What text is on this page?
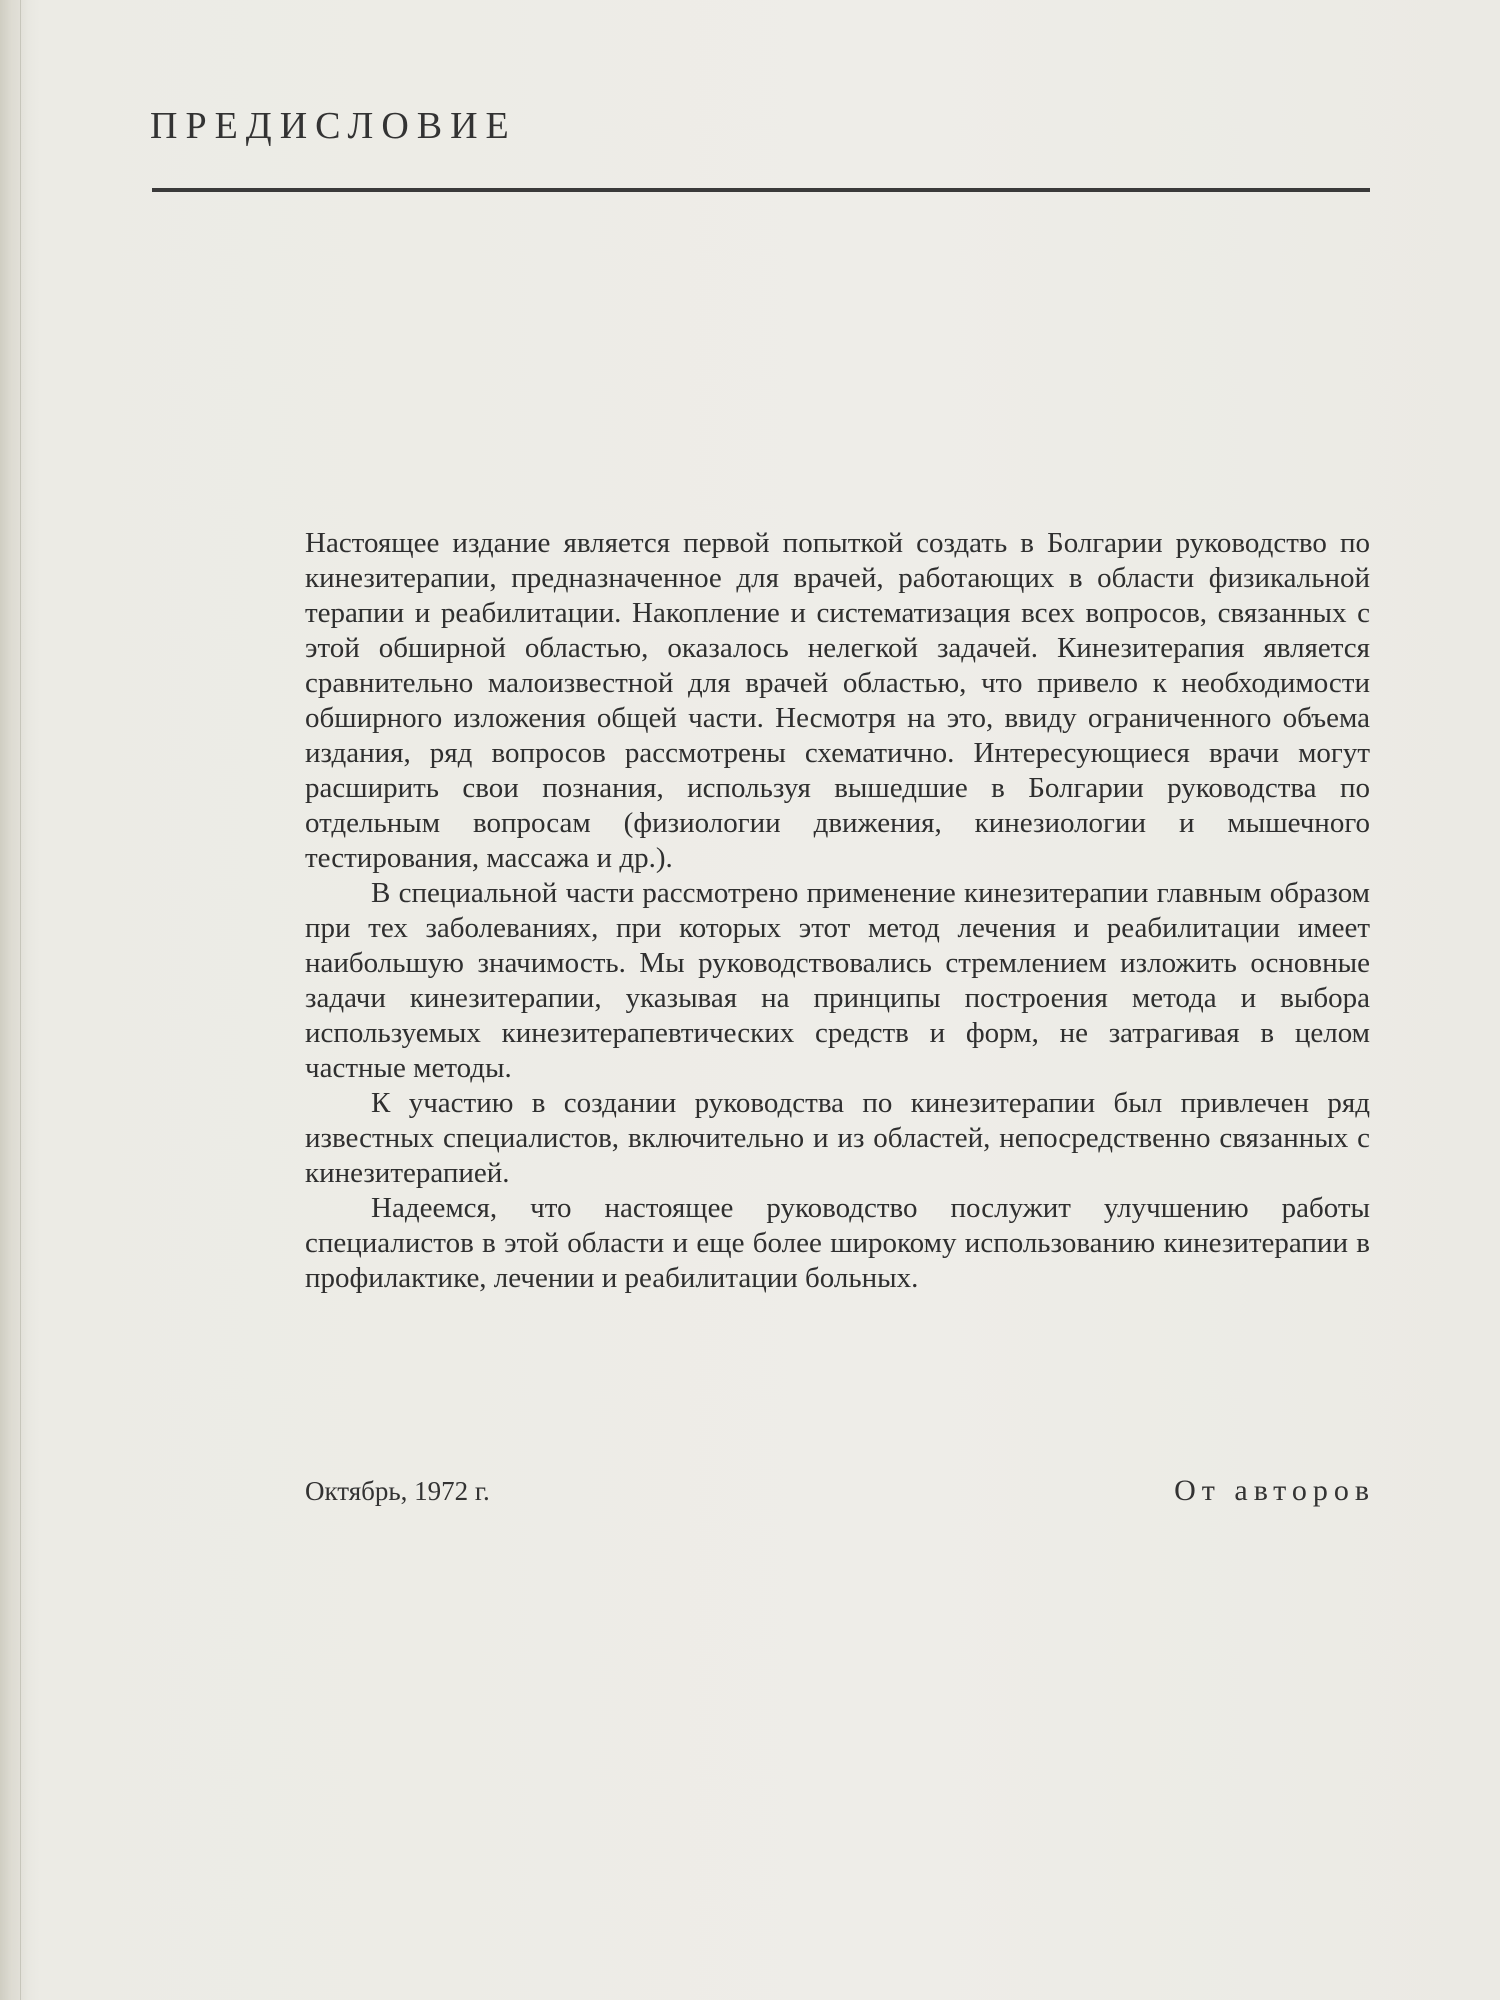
ПРЕДИСЛОВИЕ

Настоящее издание является первой попыткой создать в Болгарии руководство по кинезитерапии, предназначенное для врачей, работающих в области физикальной терапии и реабилитации. Накопление и систематизация всех вопросов, связанных с этой обширной областью, оказалось нелегкой задачей. Кинезитерапия является сравнительно малоизвестной для врачей областью, что привело к необходимости обширного изложения общей части. Несмотря на это, ввиду ограниченного объема издания, ряд вопросов рассмотрены схематично. Интересующиеся врачи могут расширить свои познания, используя вышедшие в Болгарии руководства по отдельным вопросам (физиологии движения, кинезиологии и мышечного тестирования, массажа и др.).

В специальной части рассмотрено применение кинезитерапии главным образом при тех заболеваниях, при которых этот метод лечения и реабилитации имеет наибольшую значимость. Мы руководствовались стремлением изложить основные задачи кинезитерапии, указывая на принципы построения метода и выбора используемых кинезитерапевтических средств и форм, не затрагивая в целом частные методы.

К участию в создании руководства по кинезитерапии был привлечен ряд известных специалистов, включительно и из областей, непосредственно связанных с кинезитерапией.

Надеемся, что настоящее руководство послужит улучшению работы специалистов в этой области и еще более широкому использованию кинезитерапии в профилактике, лечении и реабилитации больных.

Октябрь, 1972 г.	От авторов
